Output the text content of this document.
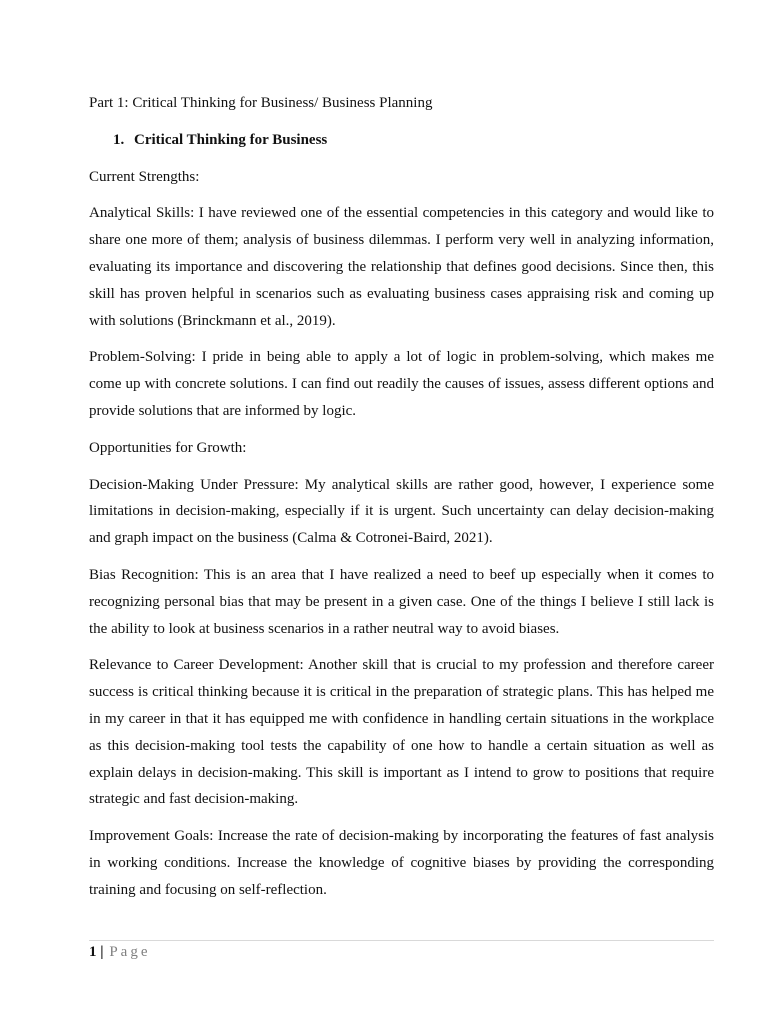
Part 1: Critical Thinking for Business/ Business Planning

1. Critical Thinking for Business

Current Strengths:

Analytical Skills: I have reviewed one of the essential competencies in this category and would like to share one more of them; analysis of business dilemmas. I perform very well in analyzing information, evaluating its importance and discovering the relationship that defines good decisions. Since then, this skill has proven helpful in scenarios such as evaluating business cases appraising risk and coming up with solutions (Brinckmann et al., 2019).

Problem-Solving: I pride in being able to apply a lot of logic in problem-solving, which makes me come up with concrete solutions. I can find out readily the causes of issues, assess different options and provide solutions that are informed by logic.

Opportunities for Growth:

Decision-Making Under Pressure: My analytical skills are rather good, however, I experience some limitations in decision-making, especially if it is urgent. Such uncertainty can delay decision-making and graph impact on the business (Calma & Cotronei-Baird, 2021).

Bias Recognition: This is an area that I have realized a need to beef up especially when it comes to recognizing personal bias that may be present in a given case. One of the things I believe I still lack is the ability to look at business scenarios in a rather neutral way to avoid biases.

Relevance to Career Development: Another skill that is crucial to my profession and therefore career success is critical thinking because it is critical in the preparation of strategic plans. This has helped me in my career in that it has equipped me with confidence in handling certain situations in the workplace as this decision-making tool tests the capability of one how to handle a certain situation as well as explain delays in decision-making. This skill is important as I intend to grow to positions that require strategic and fast decision-making.

Improvement Goals: Increase the rate of decision-making by incorporating the features of fast analysis in working conditions. Increase the knowledge of cognitive biases by providing the corresponding training and focusing on self-reflection.

1 | Page
